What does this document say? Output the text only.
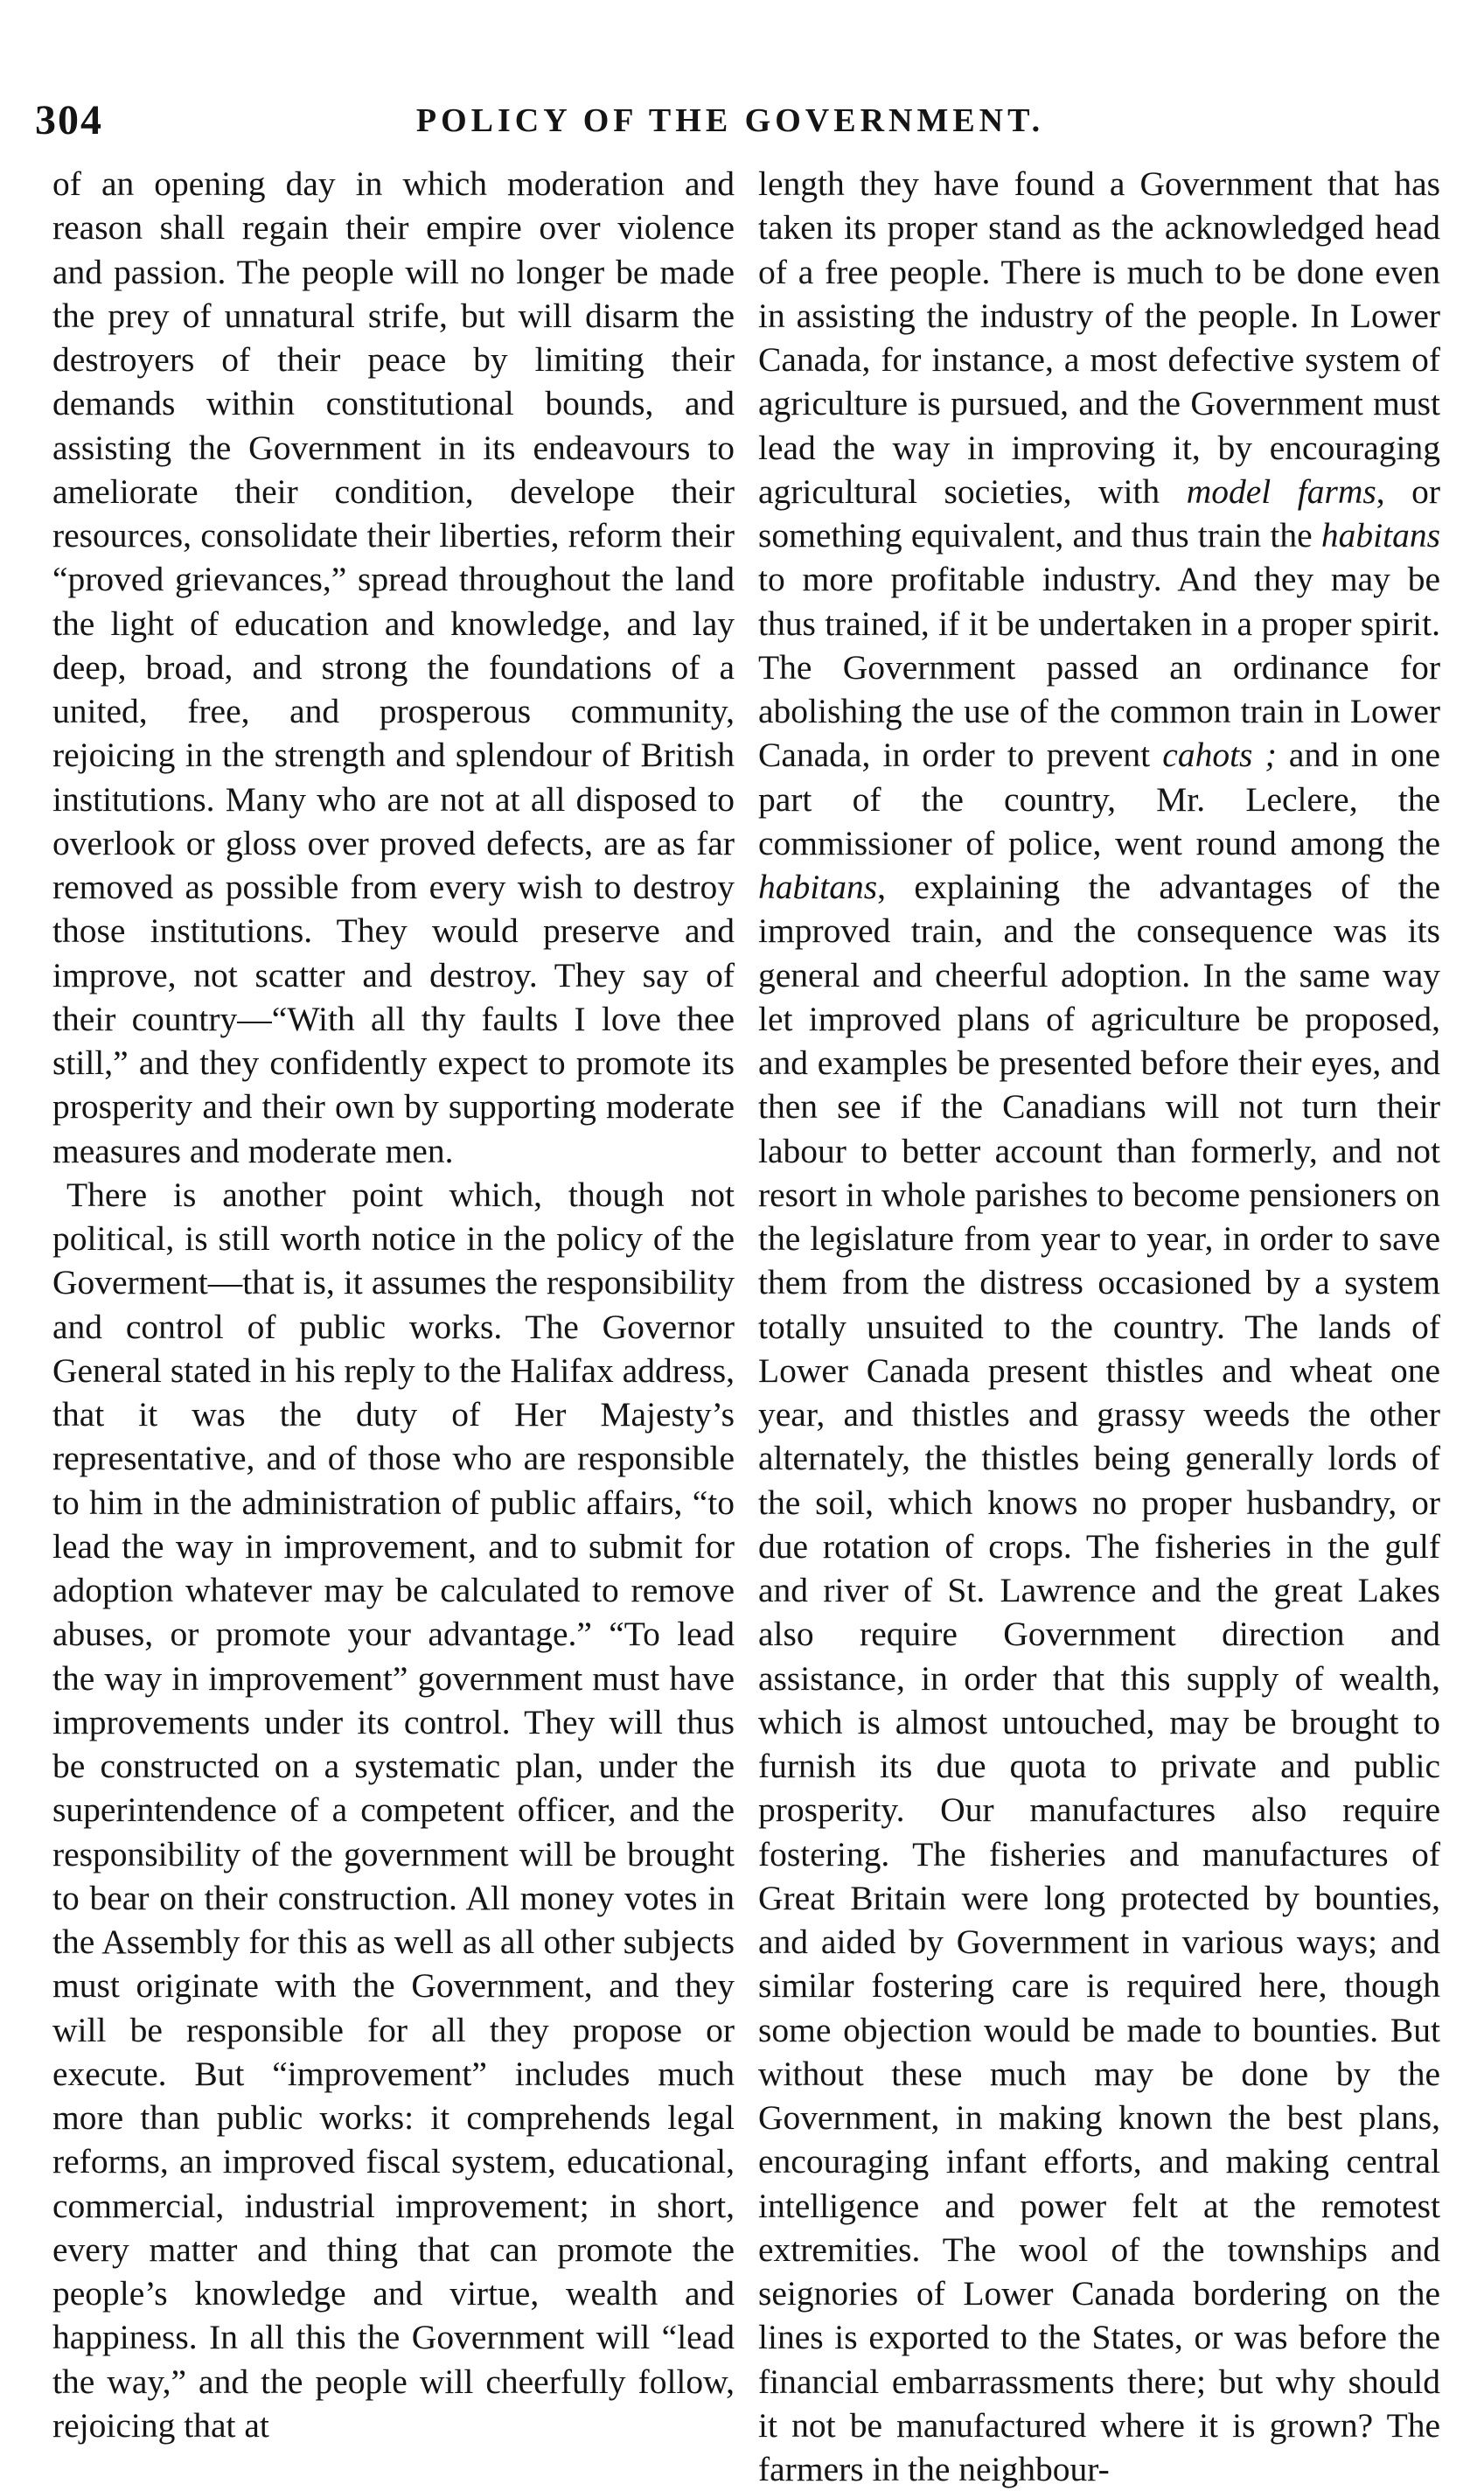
304	POLICY OF THE GOVERNMENT.

of an opening day in which moderation and reason shall regain their empire over violence and passion. The people will no longer be made the prey of unnatural strife, but will disarm the destroyers of their peace by limiting their demands within constitutional bounds, and assisting the Government in its endeavours to ameliorate their condition, develope their resources, consolidate their liberties, reform their “proved grievances,” spread throughout the land the light of education and knowledge, and lay deep, broad, and strong the foundations of a united, free, and prosperous community, rejoicing in the strength and splendour of British institutions. Many who are not at all disposed to overlook or gloss over proved defects, are as far removed as possible from every wish to destroy those institutions. They would preserve and improve, not scatter and destroy. They say of their country—“With all thy faults I love thee still,” and they confidently expect to promote its prosperity and their own by supporting moderate measures and moderate men.

There is another point which, though not political, is still worth notice in the policy of the Goverment—that is, it assumes the responsibility and control of public works. The Governor General stated in his reply to the Halifax address, that it was the duty of Her Majesty’s representative, and of those who are responsible to him in the administration of public affairs, “to lead the way in improvement, and to submit for adoption whatever may be calculated to remove abuses, or promote your advantage.” “To lead the way in improvement” government must have improvements under its control. They will thus be constructed on a systematic plan, under the superintendence of a competent officer, and the responsibility of the government will be brought to bear on their construction. All money votes in the Assembly for this as well as all other subjects must originate with the Government, and they will be responsible for all they propose or execute. But “improvement” includes much more than public works: it comprehends legal reforms, an improved fiscal system, educational, commercial, industrial improvement; in short, every matter and thing that can promote the people’s knowledge and virtue, wealth and happiness. In all this the Government will “lead the way,” and the people will cheerfully follow, rejoicing that at

length they have found a Government that has taken its proper stand as the acknowledged head of a free people. There is much to be done even in assisting the industry of the people. In Lower Canada, for instance, a most defective system of agriculture is pursued, and the Government must lead the way in improving it, by encouraging agricultural societies, with model farms, or something equivalent, and thus train the habitans to more profitable industry. And they may be thus trained, if it be undertaken in a proper spirit. The Government passed an ordinance for abolishing the use of the common train in Lower Canada, in order to prevent cahots ; and in one part of the country, Mr. Leclere, the commissioner of police, went round among the habitans, explaining the advantages of the improved train, and the consequence was its general and cheerful adoption. In the same way let improved plans of agriculture be proposed, and examples be presented before their eyes, and then see if the Canadians will not turn their labour to better account than formerly, and not resort in whole parishes to become pensioners on the legislature from year to year, in order to save them from the distress occasioned by a system totally unsuited to the country. The lands of Lower Canada present thistles and wheat one year, and thistles and grassy weeds the other alternately, the thistles being generally lords of the soil, which knows no proper husbandry, or due rotation of crops. The fisheries in the gulf and river of St. Lawrence and the great Lakes also require Government direction and assistance, in order that this supply of wealth, which is almost untouched, may be brought to furnish its due quota to private and public prosperity. Our manufactures also require fostering. The fisheries and manufactures of Great Britain were long protected by bounties, and aided by Government in various ways; and similar fostering care is required here, though some objection would be made to bounties. But without these much may be done by the Government, in making known the best plans, encouraging infant efforts, and making central intelligence and power felt at the remotest extremities. The wool of the townships and seignories of Lower Canada bordering on the lines is exported to the States, or was before the financial embarrassments there; but why should it not be manufactured where it is grown? The farmers in the neighbour-
